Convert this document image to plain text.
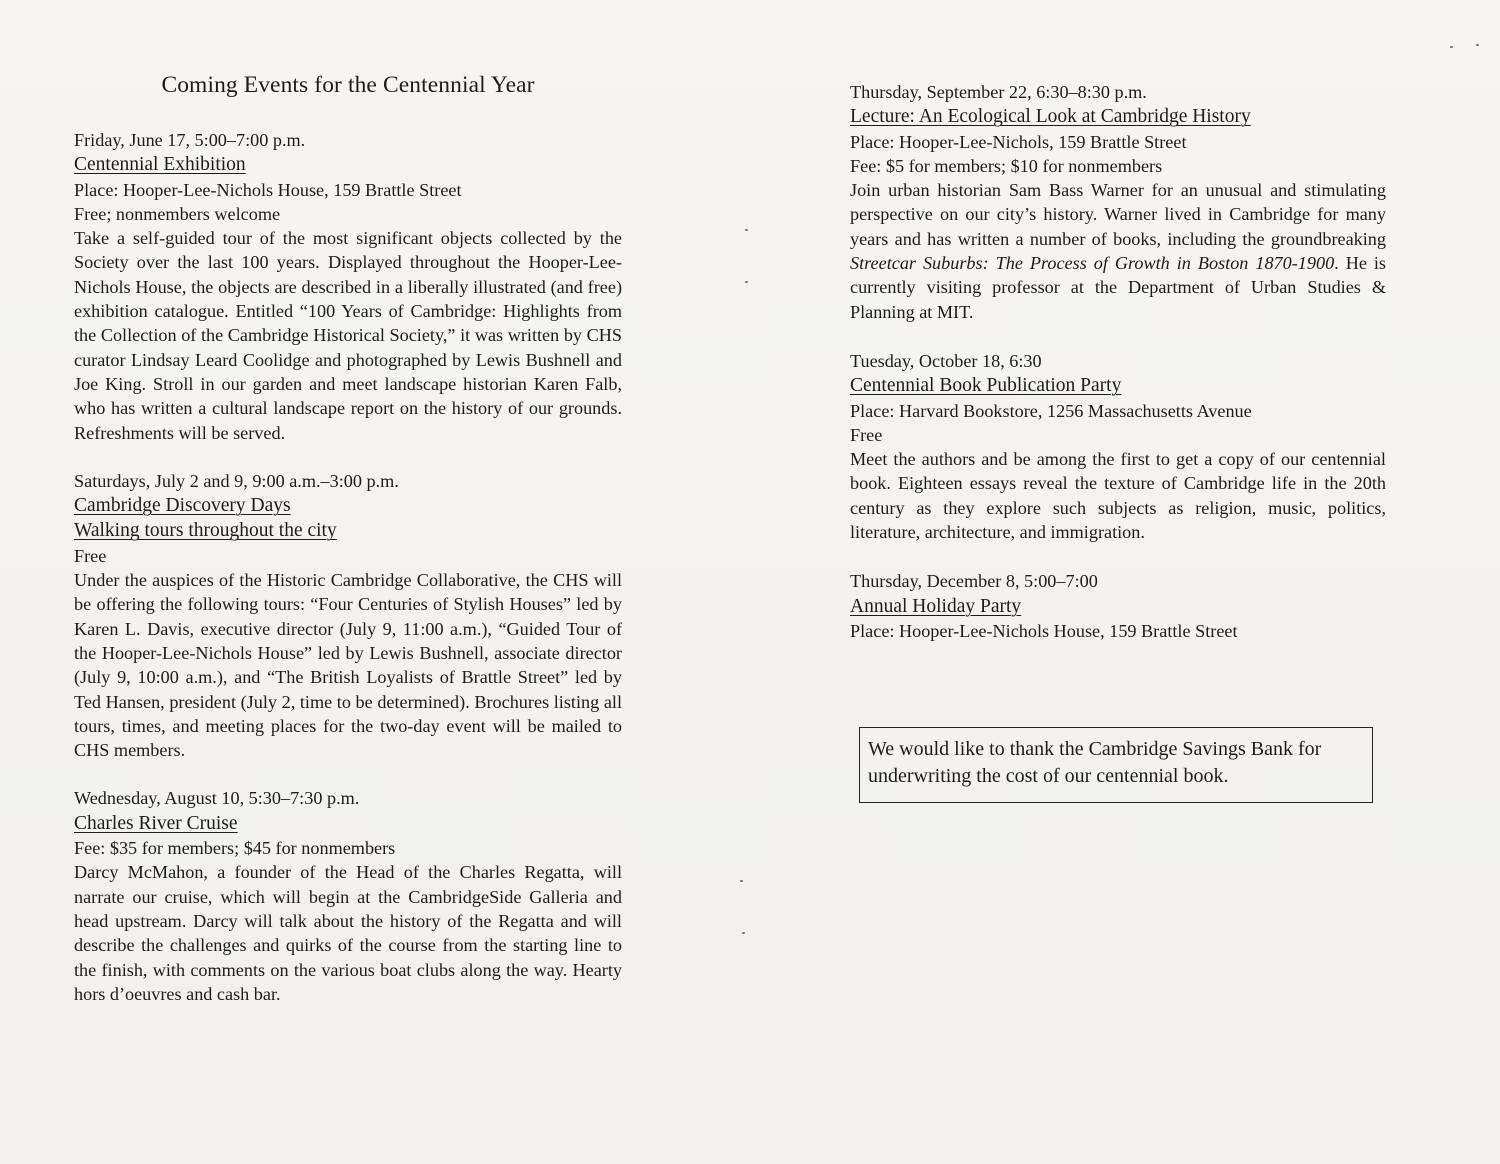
Coming Events for the Centennial Year
Friday, June 17, 5:00–7:00 p.m.
Centennial Exhibition
Place: Hooper-Lee-Nichols House, 159 Brattle Street
Free; nonmembers welcome
Take a self-guided tour of the most significant objects collected by the Society over the last 100 years. Displayed throughout the Hooper-Lee-Nichols House, the objects are described in a liberally illustrated (and free) exhibition catalogue. Entitled “100 Years of Cambridge: Highlights from the Collection of the Cambridge Historical Society,” it was written by CHS curator Lindsay Leard Coolidge and photographed by Lewis Bushnell and Joe King. Stroll in our garden and meet landscape historian Karen Falb, who has written a cultural landscape report on the history of our grounds. Refreshments will be served.
Saturdays, July 2 and 9, 9:00 a.m.–3:00 p.m.
Cambridge Discovery Days
Walking tours throughout the city
Free
Under the auspices of the Historic Cambridge Collaborative, the CHS will be offering the following tours: “Four Centuries of Stylish Houses” led by Karen L. Davis, executive director (July 9, 11:00 a.m.), “Guided Tour of the Hooper-Lee-Nichols House” led by Lewis Bushnell, associate director (July 9, 10:00 a.m.), and “The British Loyalists of Brattle Street” led by Ted Hansen, president (July 2, time to be determined). Brochures listing all tours, times, and meeting places for the two-day event will be mailed to CHS members.
Wednesday, August 10, 5:30–7:30 p.m.
Charles River Cruise
Fee: $35 for members; $45 for nonmembers
Darcy McMahon, a founder of the Head of the Charles Regatta, will narrate our cruise, which will begin at the CambridgeSide Galleria and head upstream. Darcy will talk about the history of the Regatta and will describe the challenges and quirks of the course from the starting line to the finish, with comments on the various boat clubs along the way. Hearty hors d’oeuvres and cash bar.
Thursday, September 22, 6:30–8:30 p.m.
Lecture: An Ecological Look at Cambridge History
Place: Hooper-Lee-Nichols, 159 Brattle Street
Fee: $5 for members; $10 for nonmembers
Join urban historian Sam Bass Warner for an unusual and stimulating perspective on our city’s history. Warner lived in Cambridge for many years and has written a number of books, including the groundbreaking Streetcar Suburbs: The Process of Growth in Boston 1870-1900. He is currently visiting professor at the Department of Urban Studies & Planning at MIT.
Tuesday, October 18, 6:30
Centennial Book Publication Party
Place: Harvard Bookstore, 1256 Massachusetts Avenue
Free
Meet the authors and be among the first to get a copy of our centennial book. Eighteen essays reveal the texture of Cambridge life in the 20th century as they explore such subjects as religion, music, politics, literature, architecture, and immigration.
Thursday, December 8, 5:00–7:00
Annual Holiday Party
Place: Hooper-Lee-Nichols House, 159 Brattle Street
We would like to thank the Cambridge Savings Bank for underwriting the cost of our centennial book.
